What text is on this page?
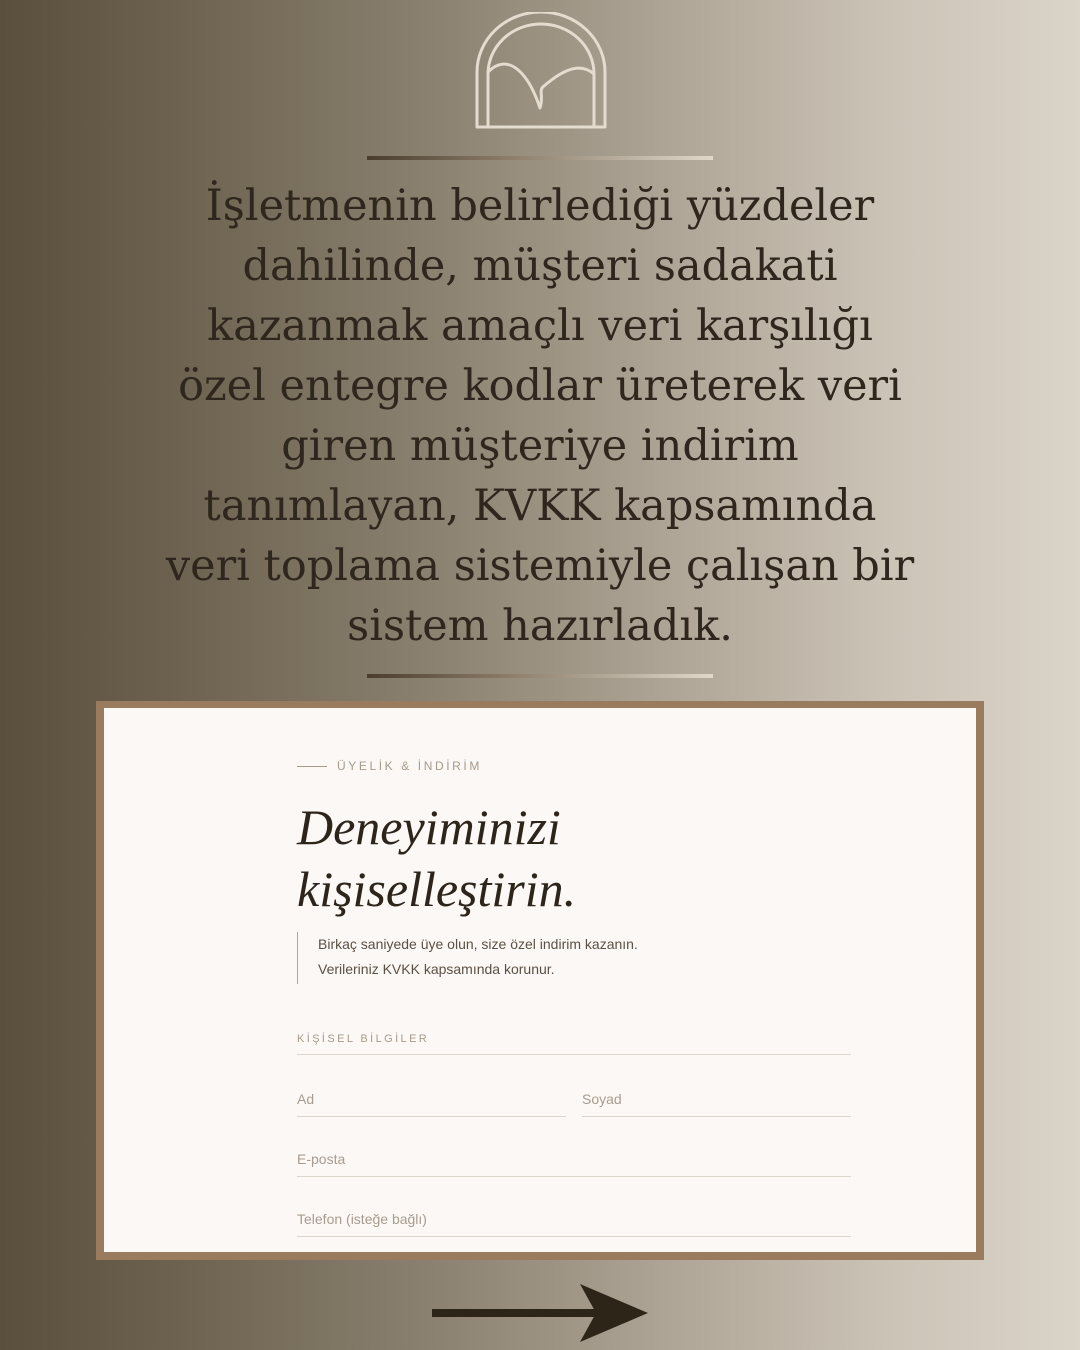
İşletmenin belirlediği yüzdeler
dahilinde, müşteri sadakati
kazanmak amaçlı veri karşılığı
özel entegre kodlar üreterek veri
giren müşteriye indirim
tanımlayan, KVKK kapsamında
veri toplama sistemiyle çalışan bir
sistem hazırladık.
ÜYELİK & İNDİRİM
Deneyiminizi
kişiselleştirin.
Birkaç saniyede üye olun, size özel indirim kazanın.
Verileriniz KVKK kapsamında korunur.
KİŞİSEL BİLGİLER
Ad	Soyad
E-posta
Telefon (isteğe bağlı)
